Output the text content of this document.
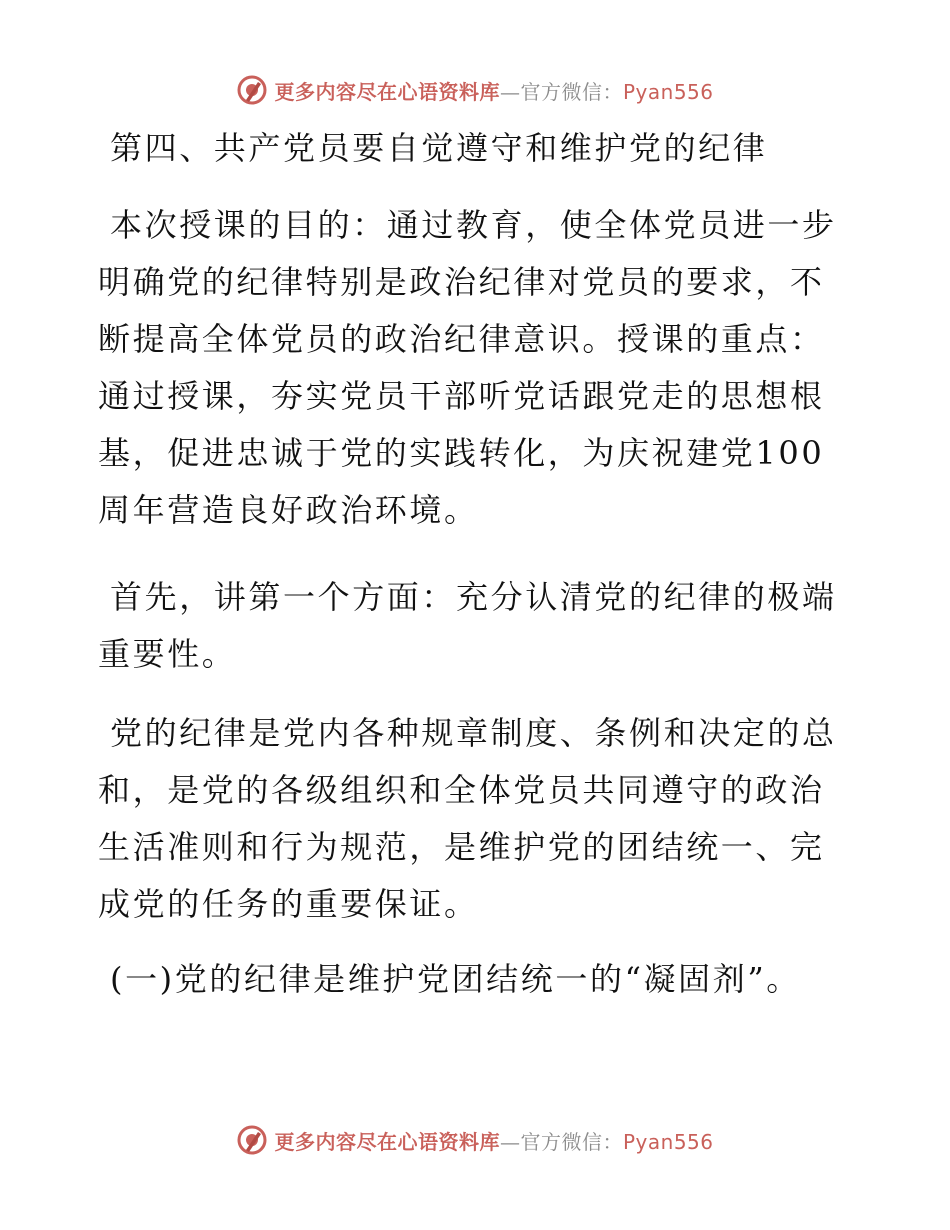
更多内容尽在心语资料库—官方微信：Pyan556

第四、共产党员要自觉遵守和维护党的纪律

本次授课的目的：通过教育，使全体党员进一步明确党的纪律特别是政治纪律对党员的要求，不断提高全体党员的政治纪律意识。授课的重点：通过授课，夯实党员干部听党话跟党走的思想根基，促进忠诚于党的实践转化，为庆祝建党100周年营造良好政治环境。

首先，讲第一个方面：充分认清党的纪律的极端重要性。

党的纪律是党内各种规章制度、条例和决定的总和，是党的各级组织和全体党员共同遵守的政治生活准则和行为规范，是维护党的团结统一、完成党的任务的重要保证。

(一)党的纪律是维护党团结统一的“凝固剂”。

更多内容尽在心语资料库—官方微信：Pyan556
